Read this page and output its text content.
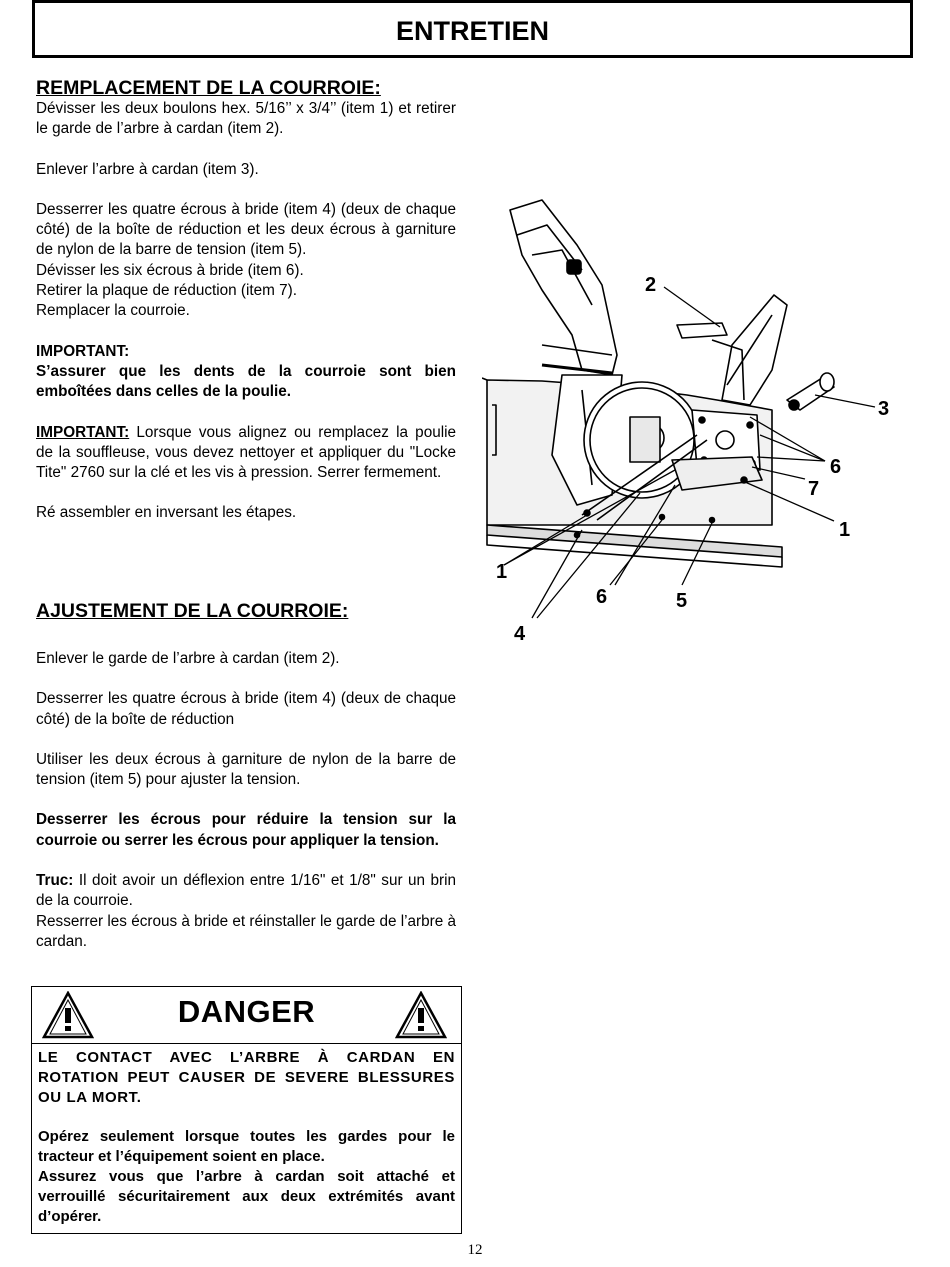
ENTRETIEN

REMPLACEMENT DE LA COURROIE:

Dévisser les deux boulons hex. 5/16’’ x 3/4’’ (item 1) et retirer le garde de l’arbre à cardan (item 2).

Enlever l’arbre à cardan (item 3).

Desserrer les quatre écrous à bride (item 4) (deux de chaque côté) de la boîte de réduction et les deux écrous à garniture de nylon de la barre de tension (item 5).

Dévisser les six écrous à bride (item 6).

Retirer la plaque de réduction (item 7).

Remplacer la courroie.

IMPORTANT:

S’assurer que les dents de la courroie sont bien emboîtées dans celles de la poulie.

IMPORTANT: Lorsque vous alignez ou remplacez la poulie de la souffleuse, vous devez nettoyer et appliquer du "Locke Tite" 2760 sur la clé et les vis à pression. Serrer fermement.

Ré assembler en inversant les étapes.

AJUSTEMENT DE LA COURROIE:

Enlever le garde de l’arbre à cardan (item 2).

Desserrer les quatre écrous à bride (item 4) (deux de chaque côté) de la boîte de réduction

Utiliser les deux écrous à garniture de nylon de la barre de tension (item 5) pour ajuster la tension.

Desserrer les écrous pour réduire la tension sur la courroie ou serrer les écrous pour appliquer la tension.

Truc: Il doit avoir un déflexion entre 1/16" et 1/8" sur un brin de la courroie.

Resserrer les écrous à bride et réinstaller le garde de l’arbre à cardan.

DANGER

LE CONTACT AVEC L’ARBRE À CARDAN EN ROTATION PEUT CAUSER DE SEVERE BLESSURES OU LA MORT.

Opérez seulement lorsque toutes les gardes pour le tracteur et l’équipement soient en place.

Assurez vous que l’arbre à cardan soit attaché et verrouillé sécuritairement aux deux extrémités avant d’opérer.

2
3
6
7
1
1
6	5
4
12
